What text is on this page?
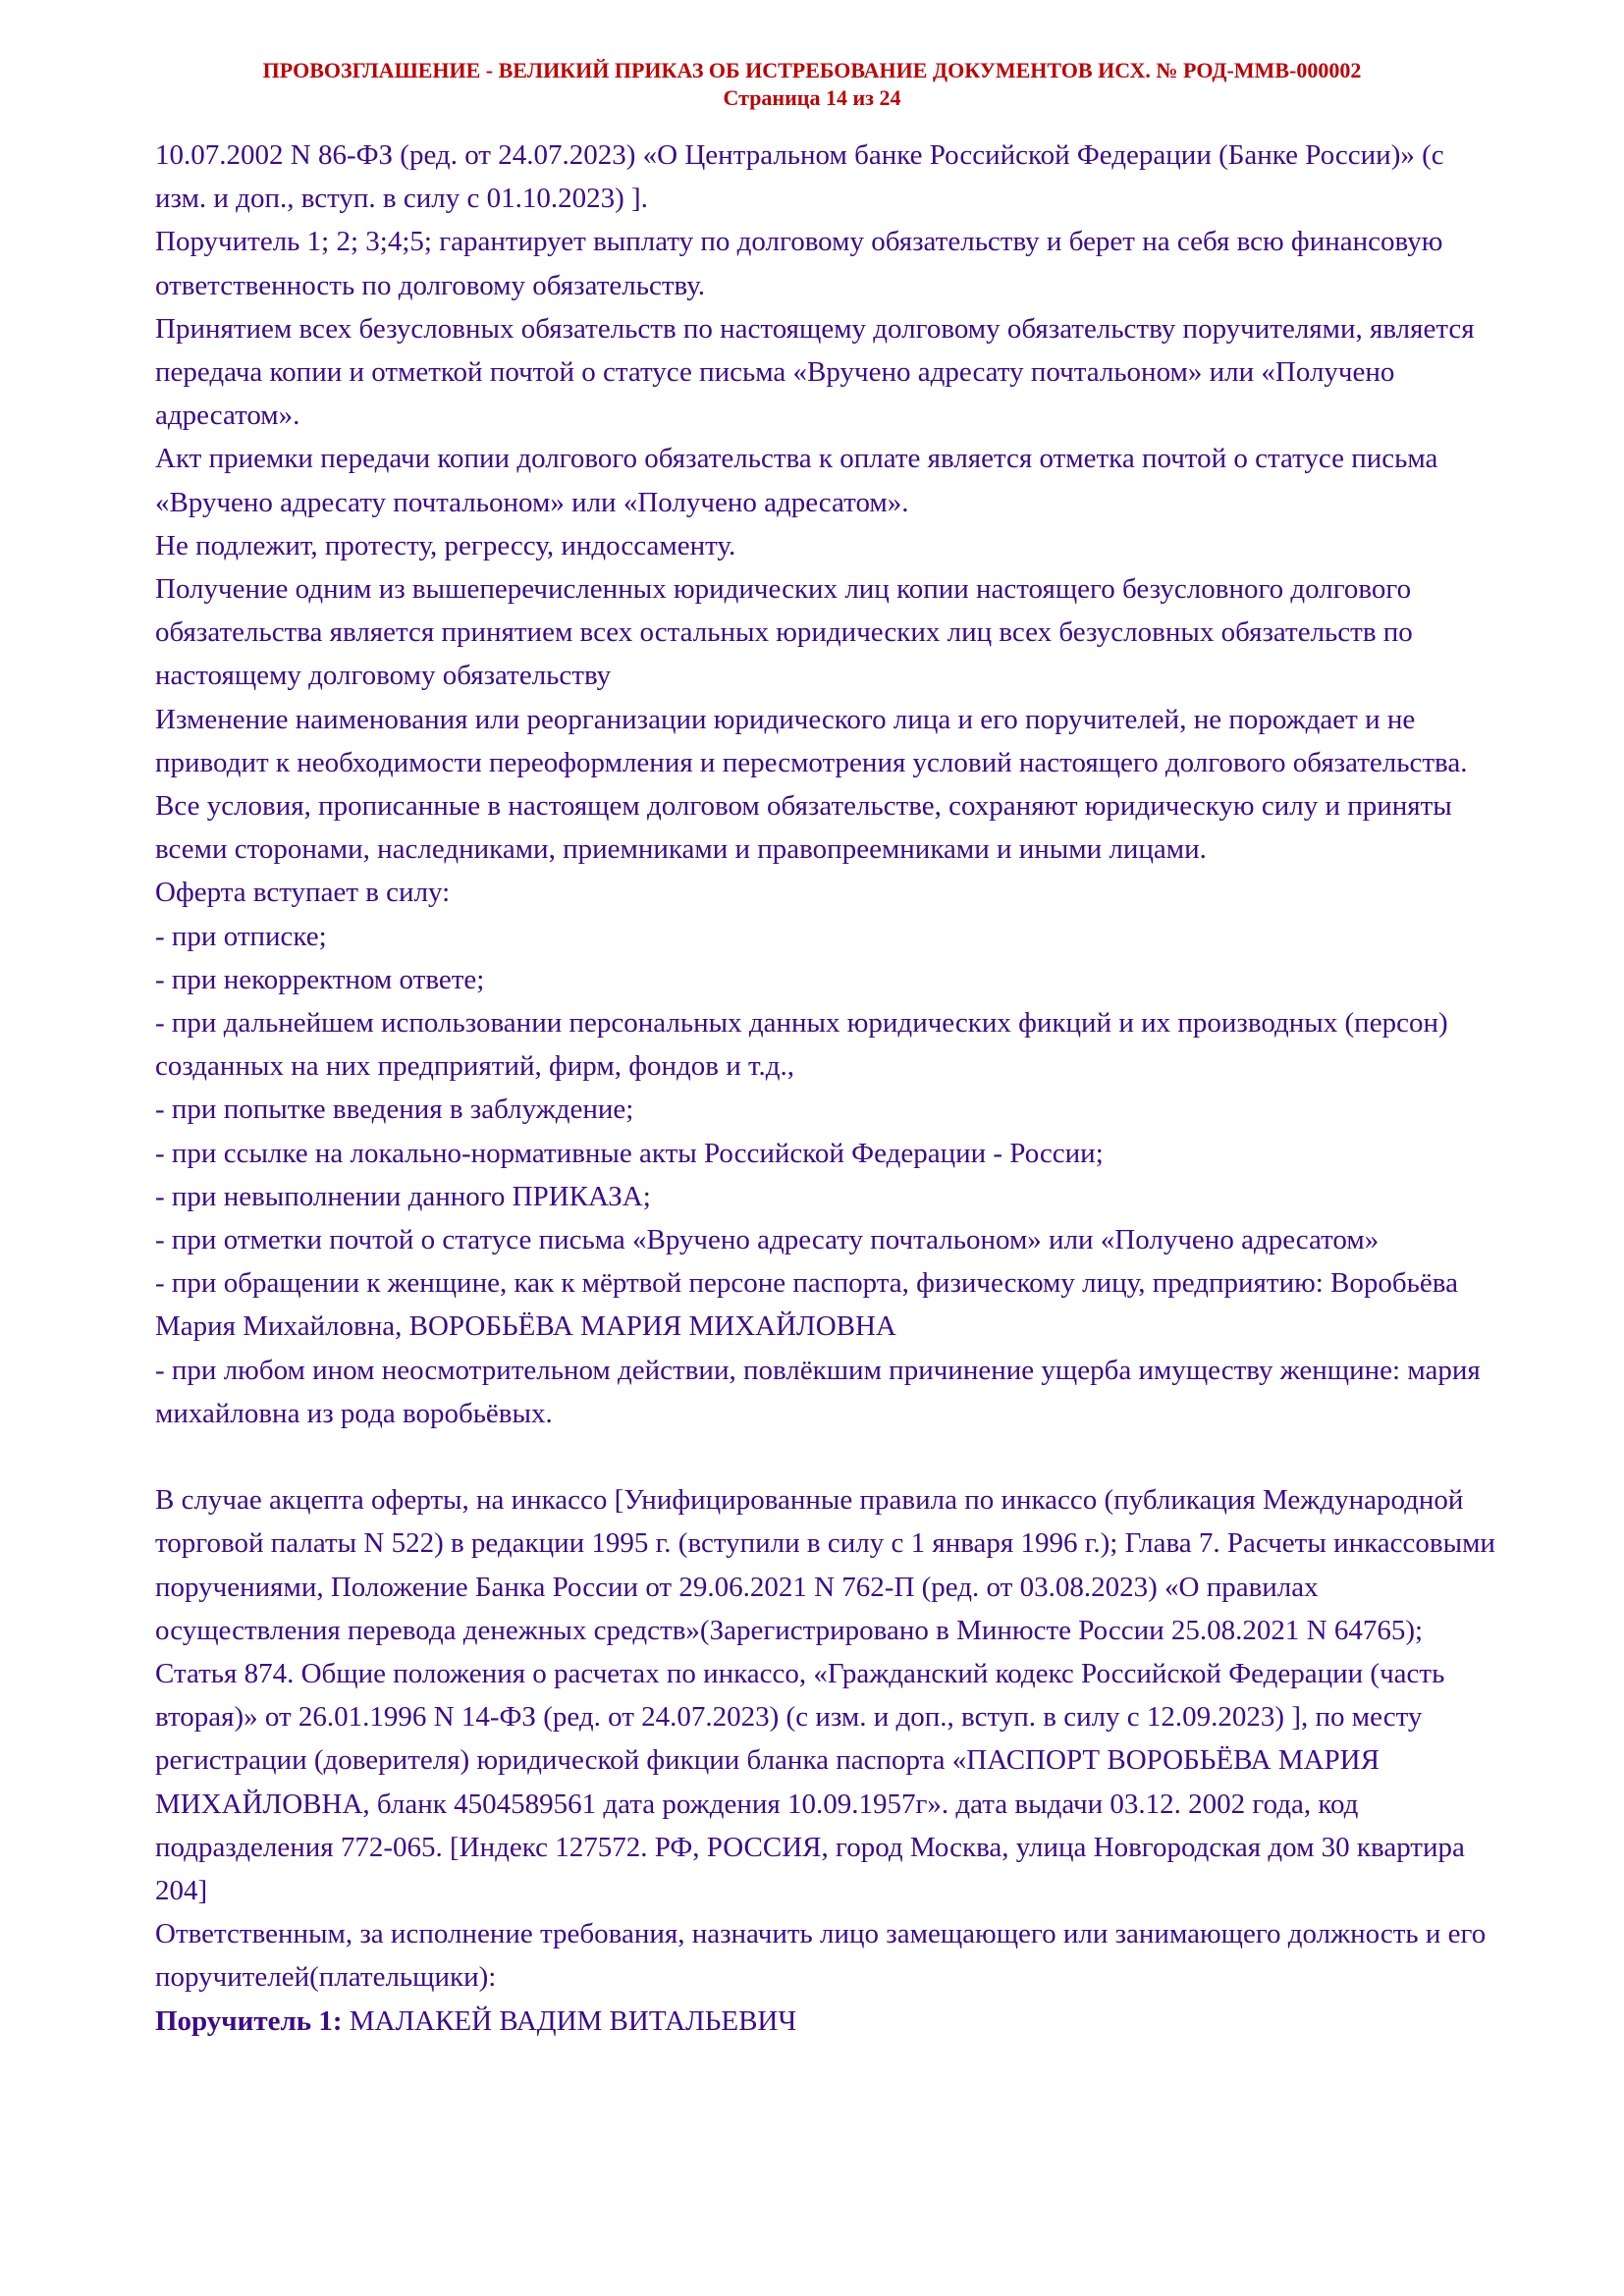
ПРОВОЗГЛАШЕНИЕ - ВЕЛИКИЙ ПРИКАЗ ОБ ИСТРЕБОВАНИЕ ДОКУМЕНТОВ ИСХ. № РОД-ММВ-000002
Страница 14 из 24

10.07.2002 N 86-ФЗ (ред. от 24.07.2023) «О Центральном банке Российской Федерации (Банке России)» (с изм. и доп., вступ. в силу с 01.10.2023) ].

Поручитель 1; 2; 3;4;5; гарантирует выплату по долговому обязательству и берет на себя всю финансовую ответственность по долговому обязательству.

Принятием всех безусловных обязательств по настоящему долговому обязательству поручителями, является передача копии и отметкой почтой о статусе письма «Вручено адресату почтальоном» или «Получено адресатом».

Акт приемки передачи копии долгового обязательства к оплате является отметка почтой о статусе письма «Вручено адресату почтальоном» или «Получено адресатом».

Не подлежит, протесту, регрессу, индоссаменту.

Получение одним из вышеперечисленных юридических лиц копии настоящего безусловного долгового обязательства является принятием всех остальных юридических лиц всех безусловных обязательств по настоящему долговому обязательству

Изменение наименования или реорганизации юридического лица и его поручителей, не порождает и не приводит к необходимости переоформления и пересмотрения условий настоящего долгового обязательства.

Все условия, прописанные в настоящем долговом обязательстве, сохраняют юридическую силу и приняты всеми сторонами, наследниками, приемниками и правопреемниками и иными лицами.

Оферта вступает в силу:

- при отписке;

- при некорректном ответе;

- при дальнейшем использовании персональных данных юридических фикций и их производных (персон) созданных на них предприятий, фирм, фондов и т.д.,

- при попытке введения в заблуждение;

- при ссылке на локально-нормативные акты Российской Федерации - России;

- при невыполнении данного ПРИКАЗА;

- при отметки почтой о статусе письма «Вручено адресату почтальоном» или «Получено адресатом»

- при обращении к женщине, как к мёртвой персоне паспорта, физическому лицу, предприятию: Воробьёва Мария Михайловна, ВОРОБЬЁВА МАРИЯ МИХАЙЛОВНА

- при любом ином неосмотрительном действии, повлёкшим причинение ущерба имуществу женщине: мария михайловна из рода воробьёвых.

В случае акцепта оферты, на инкассо [Унифицированные правила по инкассо (публикация Международной торговой палаты N 522) в редакции 1995 г. (вступили в силу с 1 января 1996 г.); Глава 7. Расчеты инкассовыми поручениями, Положение Банка России от 29.06.2021 N 762-П (ред. от 03.08.2023) «О правилах осуществления перевода денежных средств»(Зарегистрировано в Минюсте России 25.08.2021 N 64765); Статья 874. Общие положения о расчетах по инкассо, «Гражданский кодекс Российской Федерации (часть вторая)» от 26.01.1996 N 14-ФЗ (ред. от 24.07.2023) (с изм. и доп., вступ. в силу с 12.09.2023) ], по месту регистрации (доверителя) юридической фикции бланка паспорта «ПАСПОРТ ВОРОБЬЁВА МАРИЯ МИХАЙЛОВНА, бланк 4504589561 дата рождения 10.09.1957г». дата выдачи 03.12. 2002 года, код подразделения 772-065. [Индекс 127572. РФ, РОССИЯ, город Москва, улица Новгородская дом 30 квартира 204]

Ответственным, за исполнение требования, назначить лицо замещающего или занимающего должность и его поручителей(плательщики):

Поручитель 1: МАЛАКЕЙ ВАДИМ ВИТАЛЬЕВИЧ
